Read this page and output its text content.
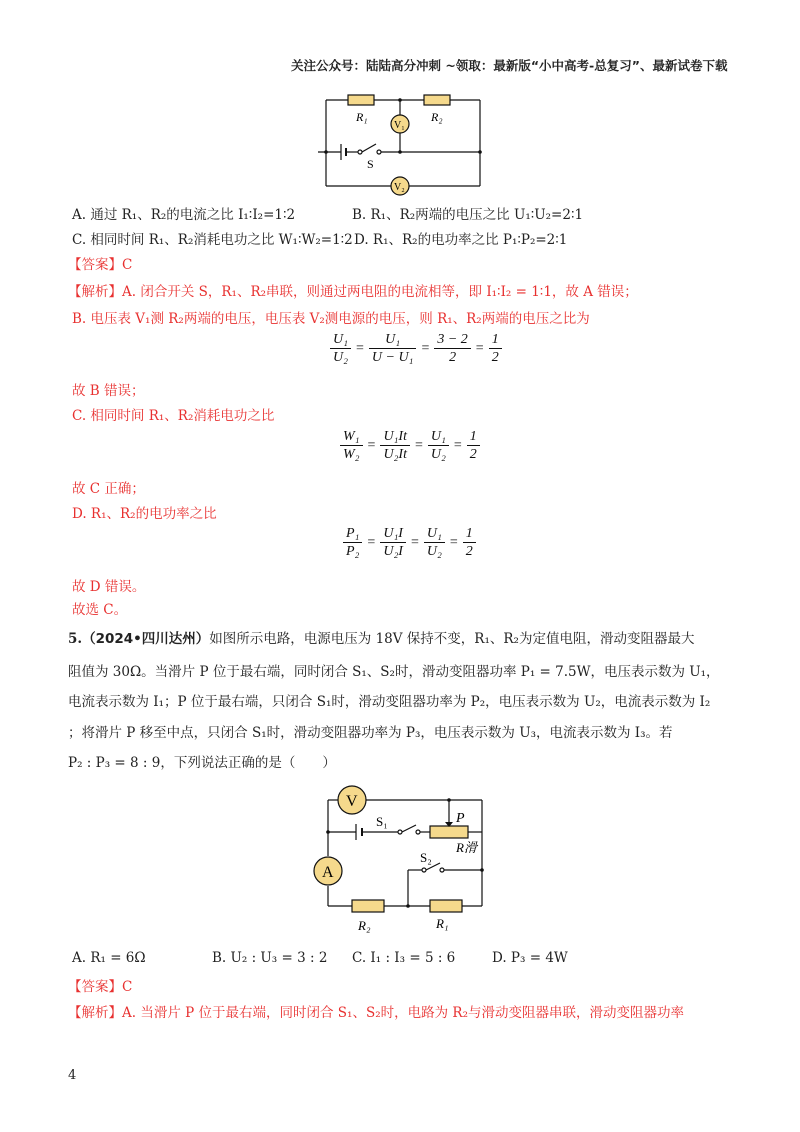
关注公众号：陆陆高分冲刺 ~领取：最新版“小中高考-总复习”、最新试卷下载
R₁	R₂
V₁
V₂
S
A. 通过 R₁、R₂的电流之比 I₁∶I₂=1∶2	B. R₁、R₂两端的电压之比 U₁∶U₂=2∶1
C. 相同时间 R₁、R₂消耗电功之比 W₁∶W₂=1∶2 D. R₁、R₂的电功率之比 P₁∶P₂=2∶1
【答案】C
【解析】A. 闭合开关 S，R₁、R₂串联，则通过两电阻的电流相等，即 I₁∶I₂ = 1∶1，故 A 错误；
B. 电压表 V₁测 R₂两端的电压，电压表 V₂测电源的电压，则 R₁、R₂两端的电压之比为
$\frac{\text{U₁}}{\text{U₂}} = \frac{\text{U₁}}{\text{U − U₁}} = \frac{3 - 2}{2} = \frac{1}{2}$
故 B 错误；
C. 相同时间 R₁、R₂消耗电功之比
$\frac{\text{W₁}}{\text{W₂}} = \frac{\text{U₁It}}{\text{U₂It}} = \frac{\text{U₁}}{\text{U₂}} = \frac{1}{2}$
故 C 正确；
D. R₁、R₂的电功率之比
$\frac{\text{P₁}}{\text{P₂}} = \frac{\text{U₁I}}{\text{U₂I}} = \frac{\text{U₁}}{\text{U₂}} = \frac{1}{2}$
故 D 错误。
故选 C。
5.（2024•四川达州）如图所示电路，电源电压为 18V 保持不变，R₁、R₂为定值电阻，滑动变阻器最大
阻值为 30Ω。当滑片 P 位于最右端，同时闭合 S₁、S₂时，滑动变阻器功率 P₁ = 7.5W，电压表示数为 U₁，
电流表示数为 I₁；P 位于最右端，只闭合 S₁时，滑动变阻器功率为 P₂，电压表示数为 U₂，电流表示数为 I₂
；将滑片 P 移至中点，只闭合 S₁时，滑动变阻器功率为 P₃，电压表示数为 U₃，电流表示数为 I₃。若
P₂ : P₃ = 8 : 9，下列说法正确的是（　　）
V
A
S₁
S₂
P
R滑
R₂	R₁
A. R₁ = 6Ω	B. U₂ : U₃ = 3 : 2 C. I₁ : I₃ = 5 : 6	D. P₃ = 4W
【答案】C
【解析】A. 当滑片 P 位于最右端，同时闭合 S₁、S₂时，电路为 R₂与滑动变阻器串联，滑动变阻器功率
4
